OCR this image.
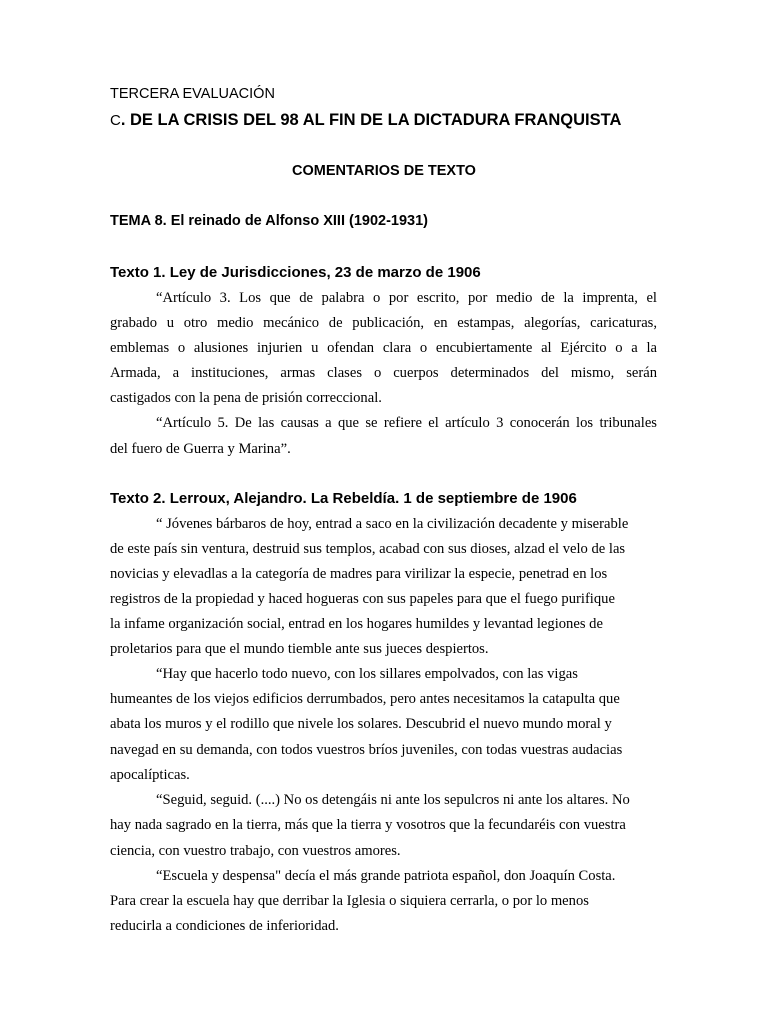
TERCERA EVALUACIÓN

C. DE LA CRISIS DEL 98 AL FIN DE LA DICTADURA FRANQUISTA

COMENTARIOS DE TEXTO

TEMA 8. El reinado de Alfonso XIII (1902-1931)

Texto 1. Ley de Jurisdicciones, 23 de marzo de 1906

“Artículo 3. Los que de palabra o por escrito, por medio de la imprenta, el

grabado u otro medio mecánico de publicación, en estampas, alegorías, caricaturas,

emblemas o alusiones injurien u ofendan clara o encubiertamente al Ejército o a la

Armada, a instituciones, armas clases o cuerpos determinados del mismo, serán

castigados con la pena de prisión correccional.

“Artículo 5. De las causas a que se refiere el artículo 3 conocerán los tribunales

del fuero de Guerra y Marina”.

Texto 2. Lerroux, Alejandro. La Rebeldía. 1 de septiembre de 1906

“ Jóvenes bárbaros de hoy, entrad a saco en la civilización decadente y miserable

de este país sin ventura, destruid sus templos, acabad con sus dioses, alzad el velo de las

novicias y elevadlas a la categoría de madres para virilizar la especie, penetrad en los

registros de la propiedad y haced hogueras con sus papeles para que el fuego purifique

la infame organización social, entrad en los hogares humildes y levantad legiones de

proletarios para que el mundo tiemble ante sus jueces despiertos.

“Hay que hacerlo todo nuevo, con los sillares empolvados, con las vigas

humeantes de los viejos edificios derrumbados, pero antes necesitamos la catapulta que

abata los muros y el rodillo que nivele los solares. Descubrid el nuevo mundo moral y

navegad en su demanda, con todos vuestros bríos juveniles, con todas vuestras audacias

apocalípticas.

“Seguid, seguid. (....) No os detengáis ni ante los sepulcros ni ante los altares. No

hay nada sagrado en la tierra, más que la tierra y vosotros que la fecundaréis con vuestra

ciencia, con vuestro trabajo, con vuestros amores.

“Escuela y despensa" decía el más grande patriota español, don Joaquín Costa.

Para crear la escuela hay que derribar la Iglesia o siquiera cerrarla, o por lo menos

reducirla a condiciones de inferioridad.
